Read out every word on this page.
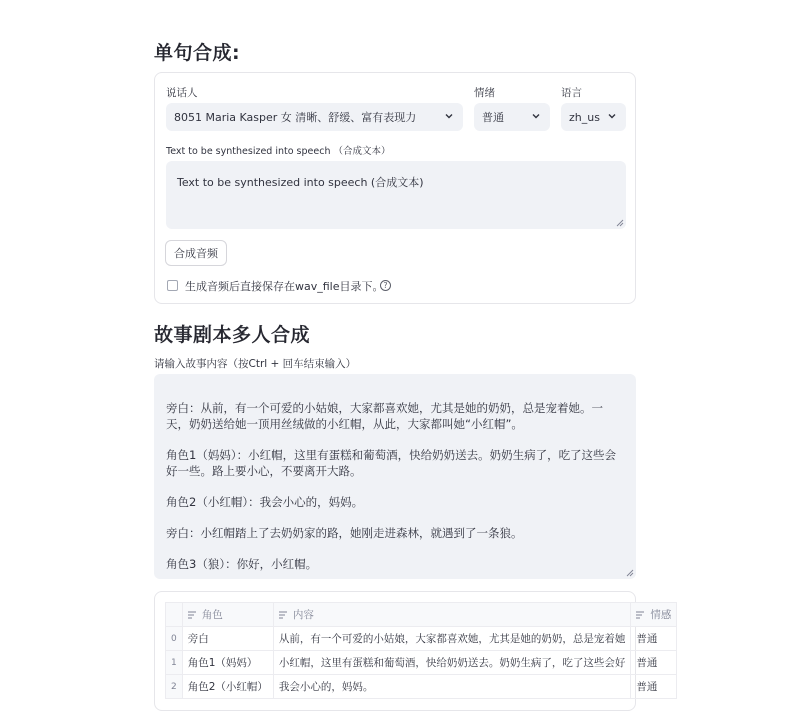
单句合成:
说话人
8051 Maria Kasper 女 清晰、舒缓、富有表现力
情绪
普通
语言
zh_us
Text to be synthesized into speech （合成文本）
Text to be synthesized into speech (合成文本)
合成音频
生成音频后直接保存在wav_file目录下。 ?
故事剧本多人合成
请输入故事内容（按Ctrl + 回车结束输入）

旁白：从前，有一个可爱的小姑娘，大家都喜欢她，尤其是她的奶奶，总是宠着她。一天，奶奶送给她一顶用丝绒做的小红帽，从此，大家都叫她“小红帽”。

角色1（妈妈）：小红帽，这里有蛋糕和葡萄酒，快给奶奶送去。奶奶生病了，吃了这些会好一些。路上要小心，不要离开大路。

角色2（小红帽）：我会小心的，妈妈。

旁白：小红帽踏上了去奶奶家的路，她刚走进森林，就遇到了一条狼。

角色3（狼）：你好，小红帽。

	角色	内容	情感
0	旁白	从前，有一个可爱的小姑娘，大家都喜欢她，尤其是她的奶奶，总是宠着她	普通
1	角色1（妈妈）	小红帽，这里有蛋糕和葡萄酒，快给奶奶送去。奶奶生病了，吃了这些会好	普通
2	角色2（小红帽）	我会小心的，妈妈。	普通
